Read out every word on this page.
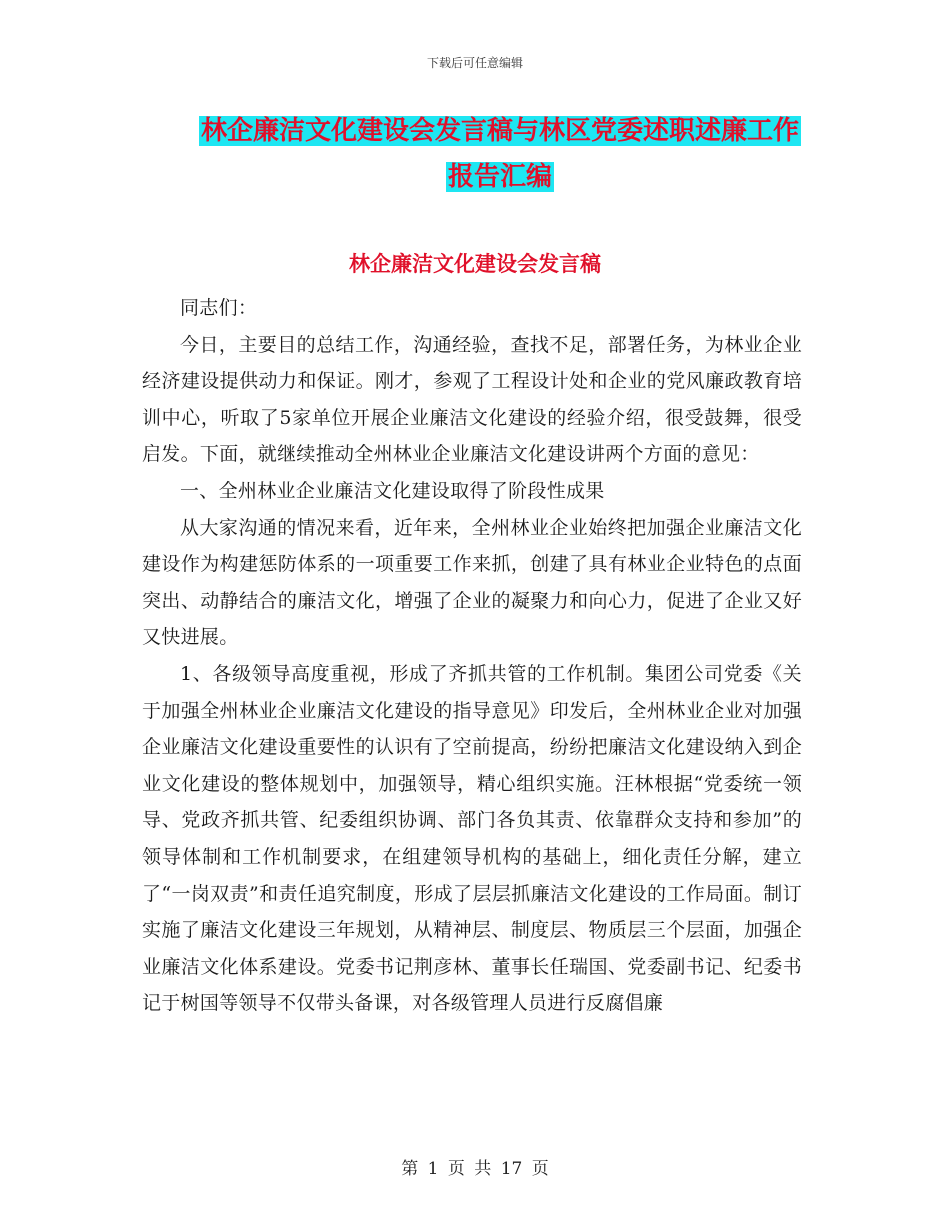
下载后可任意编辑
林企廉洁文化建设会发言稿与林区党委述职述廉工作
报告汇编
林企廉洁文化建设会发言稿

同志们：

今日，主要目的总结工作，沟通经验，查找不足，部署任务，为林业企业经济建设提供动力和保证。刚才，参观了工程设计处和企业的党风廉政教育培训中心，听取了5家单位开展企业廉洁文化建设的经验介绍，很受鼓舞，很受启发。下面，就继续推动全州林业企业廉洁文化建设讲两个方面的意见：

一、全州林业企业廉洁文化建设取得了阶段性成果

从大家沟通的情况来看，近年来，全州林业企业始终把加强企业廉洁文化建设作为构建惩防体系的一项重要工作来抓，创建了具有林业企业特色的点面突出、动静结合的廉洁文化，增强了企业的凝聚力和向心力，促进了企业又好又快进展。

1、各级领导高度重视，形成了齐抓共管的工作机制。集团公司党委《关于加强全州林业企业廉洁文化建设的指导意见》印发后，全州林业企业对加强企业廉洁文化建设重要性的认识有了空前提高，纷纷把廉洁文化建设纳入到企业文化建设的整体规划中，加强领导，精心组织实施。汪林根据“党委统一领导、党政齐抓共管、纪委组织协调、部门各负其责、依靠群众支持和参加”的领导体制和工作机制要求，在组建领导机构的基础上，细化责任分解，建立了“一岗双责”和责任追究制度，形成了层层抓廉洁文化建设的工作局面。制订实施了廉洁文化建设三年规划，从精神层、制度层、物质层三个层面，加强企业廉洁文化体系建设。党委书记荆彦林、董事长任瑞国、党委副书记、纪委书记于树国等领导不仅带头备课，对各级管理人员进行反腐倡廉

第 1 页 共 17 页
